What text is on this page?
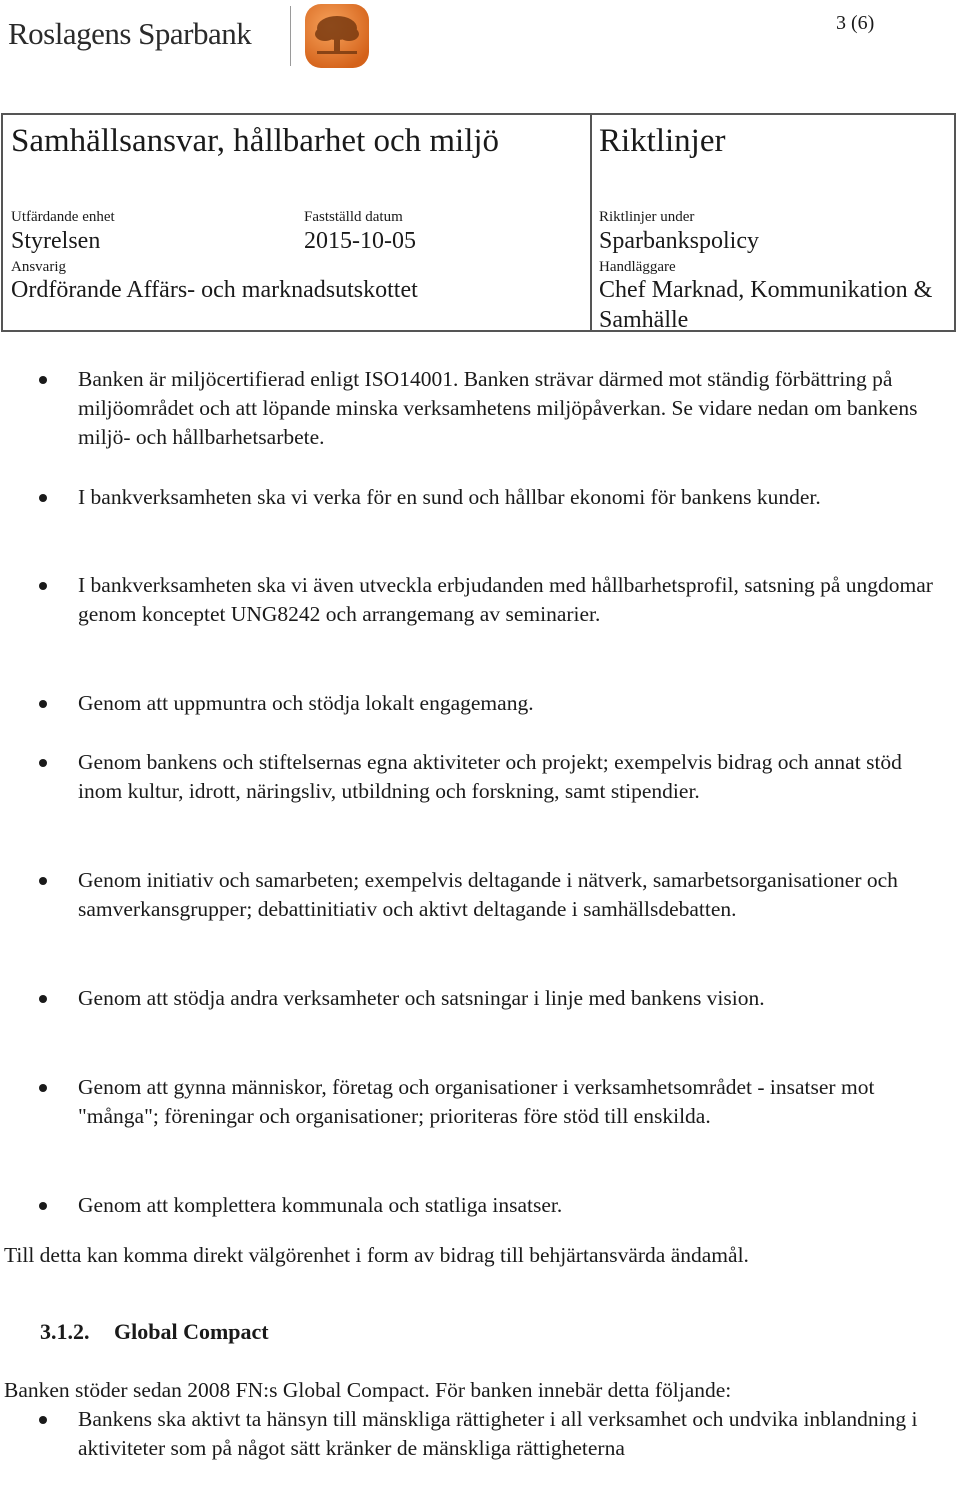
Roslagens Sparbank	3 (6)
Samhällsansvar, hållbarhet och miljö	Riktlinjer
Utfärdande enhet
Styrelsen
Fastställd datum
2015-10-05
Riktlinjer under
Sparbankspolicy
Ansvarig
Ordförande Affärs- och marknadsutskottet
Handläggare
Chef Marknad, Kommunikation & Samhälle
Banken är miljöcertifierad enligt ISO14001. Banken strävar därmed mot ständig förbättring på miljöområdet och att löpande minska verksamhetens miljöpåverkan. Se vidare nedan om bankens miljö- och hållbarhetsarbete.
I bankverksamheten ska vi verka för en sund och hållbar ekonomi för bankens kunder.
I bankverksamheten ska vi även utveckla erbjudanden med hållbarhetsprofil, satsning på ungdomar genom konceptet UNG8242 och arrangemang av seminarier.
Genom att uppmuntra och stödja lokalt engagemang.
Genom bankens och stiftelsernas egna aktiviteter och projekt; exempelvis bidrag och annat stöd inom kultur, idrott, näringsliv, utbildning och forskning, samt stipendier.
Genom initiativ och samarbeten; exempelvis deltagande i nätverk, samarbetsorganisationer och samverkansgrupper; debattinitiativ och aktivt deltagande i samhällsdebatten.
Genom att stödja andra verksamheter och satsningar i linje med bankens vision.
Genom att gynna människor, företag och organisationer i verksamhetsområdet - insatser mot "många"; föreningar och organisationer; prioriteras före stöd till enskilda.
Genom att komplettera kommunala och statliga insatser.
Till detta kan komma direkt välgörenhet i form av bidrag till behjärtansvärda ändamål.
3.1.2. Global Compact
Banken stöder sedan 2008 FN:s Global Compact. För banken innebär detta följande:
Bankens ska aktivt ta hänsyn till mänskliga rättigheter i all verksamhet och undvika inblandning i aktiviteter som på något sätt kränker de mänskliga rättigheterna
